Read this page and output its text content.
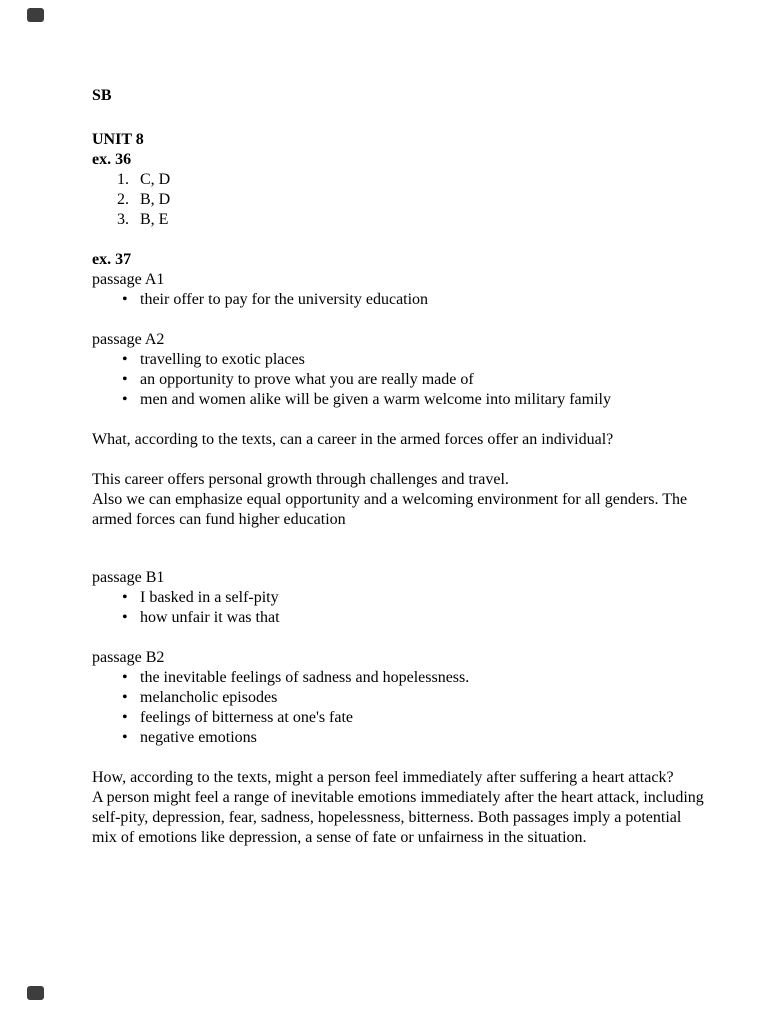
SB

UNIT 8

ex. 36

1. C, D
2. B, D
3. B, E

ex. 37

passage A1

• their offer to pay for the university education

passage A2

• travelling to exotic places
• an opportunity to prove what you are really made of
• men and women alike will be given a warm welcome into military family

What, according to the texts, can a career in the armed forces offer an individual?

This career offers personal growth through challenges and travel.

Also we can emphasize equal opportunity and a welcoming environment for all genders. The armed forces can fund higher education

passage B1

• I basked in a self-pity
• how unfair it was that

passage B2

• the inevitable feelings of sadness and hopelessness.
• melancholic episodes
• feelings of bitterness at one's fate
• negative emotions

How, according to the texts, might a person feel immediately after suffering a heart attack?

A person might feel a range of inevitable emotions immediately after the heart attack, including self-pity, depression, fear, sadness, hopelessness, bitterness. Both passages imply a potential mix of emotions like depression, a sense of fate or unfairness in the situation.
